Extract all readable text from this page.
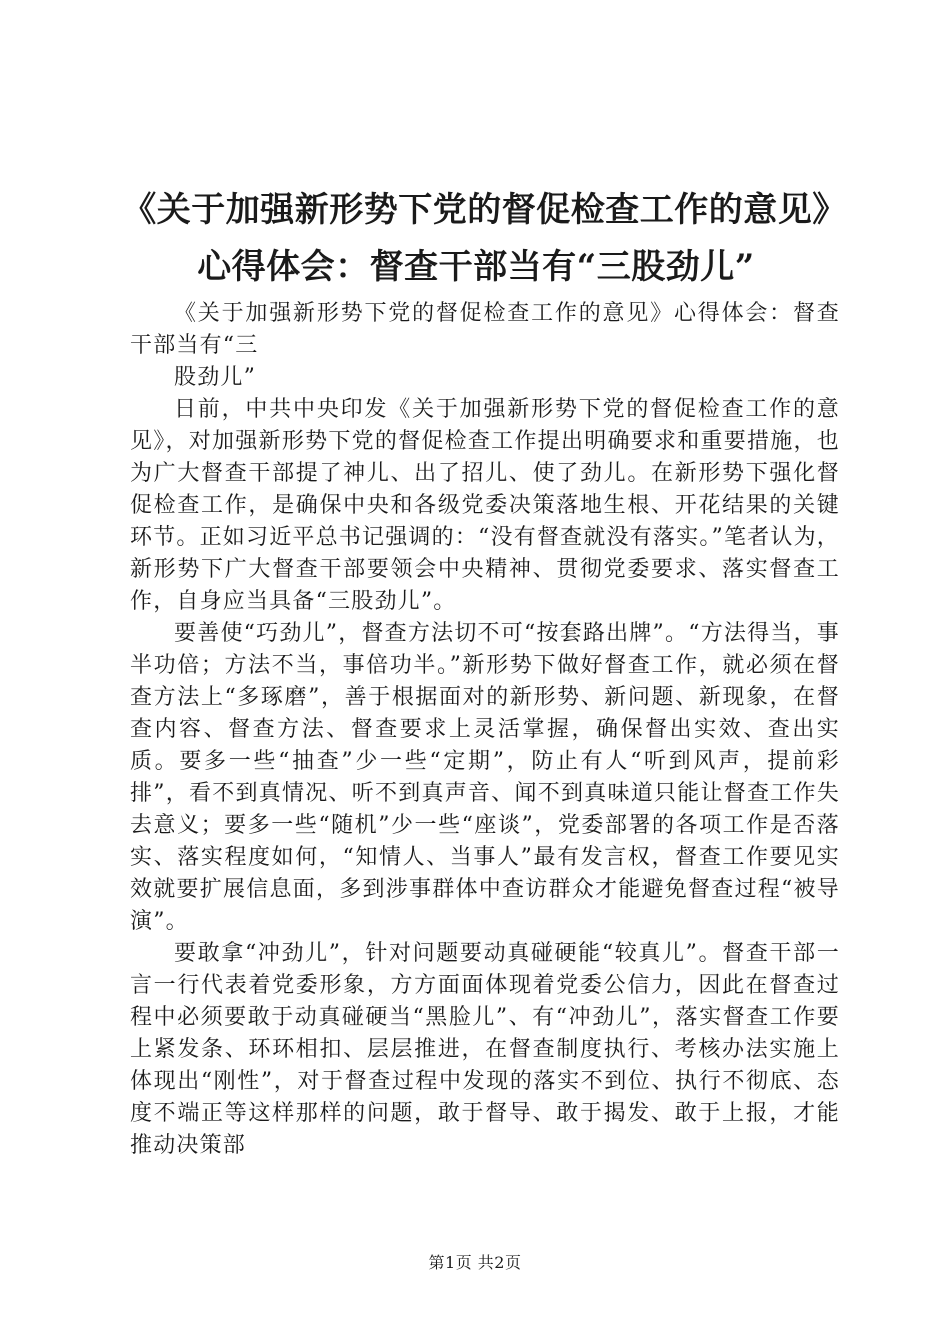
《关于加强新形势下党的督促检查工作的意见》心得体会：督查干部当有“三股劲儿”

《关于加强新形势下党的督促检查工作的意见》心得体会：督查干部当有“三

股劲儿”

日前，中共中央印发《关于加强新形势下党的督促检查工作的意见》，对加强新形势下党的督促检查工作提出明确要求和重要措施，也为广大督查干部提了神儿、出了招儿、使了劲儿。在新形势下强化督促检查工作，是确保中央和各级党委决策落地生根、开花结果的关键环节。正如习近平总书记强调的：“没有督查就没有落实。”笔者认为，新形势下广大督查干部要领会中央精神、贯彻党委要求、落实督查工作，自身应当具备“三股劲儿”。

要善使“巧劲儿”，督查方法切不可“按套路出牌”。“方法得当，事半功倍；方法不当，事倍功半。”新形势下做好督查工作，就必须在督查方法上“多琢磨”，善于根据面对的新形势、新问题、新现象，在督查内容、督查方法、督查要求上灵活掌握，确保督出实效、查出实质。要多一些“抽查”少一些“定期”，防止有人“听到风声，提前彩排”，看不到真情况、听不到真声音、闻不到真味道只能让督查工作失去意义；要多一些“随机”少一些“座谈”，党委部署的各项工作是否落实、落实程度如何，“知情人、当事人”最有发言权，督查工作要见实效就要扩展信息面，多到涉事群体中查访群众才能避免督查过程“被导演”。

要敢拿“冲劲儿”，针对问题要动真碰硬能“较真儿”。督查干部一言一行代表着党委形象，方方面面体现着党委公信力，因此在督查过程中必须要敢于动真碰硬当“黑脸儿”、有“冲劲儿”，落实督查工作要上紧发条、环环相扣、层层推进，在督查制度执行、考核办法实施上体现出“刚性”，对于督查过程中发现的落实不到位、执行不彻底、态度不端正等这样那样的问题，敢于督导、敢于揭发、敢于上报，才能推动决策部

第1页 共2页
